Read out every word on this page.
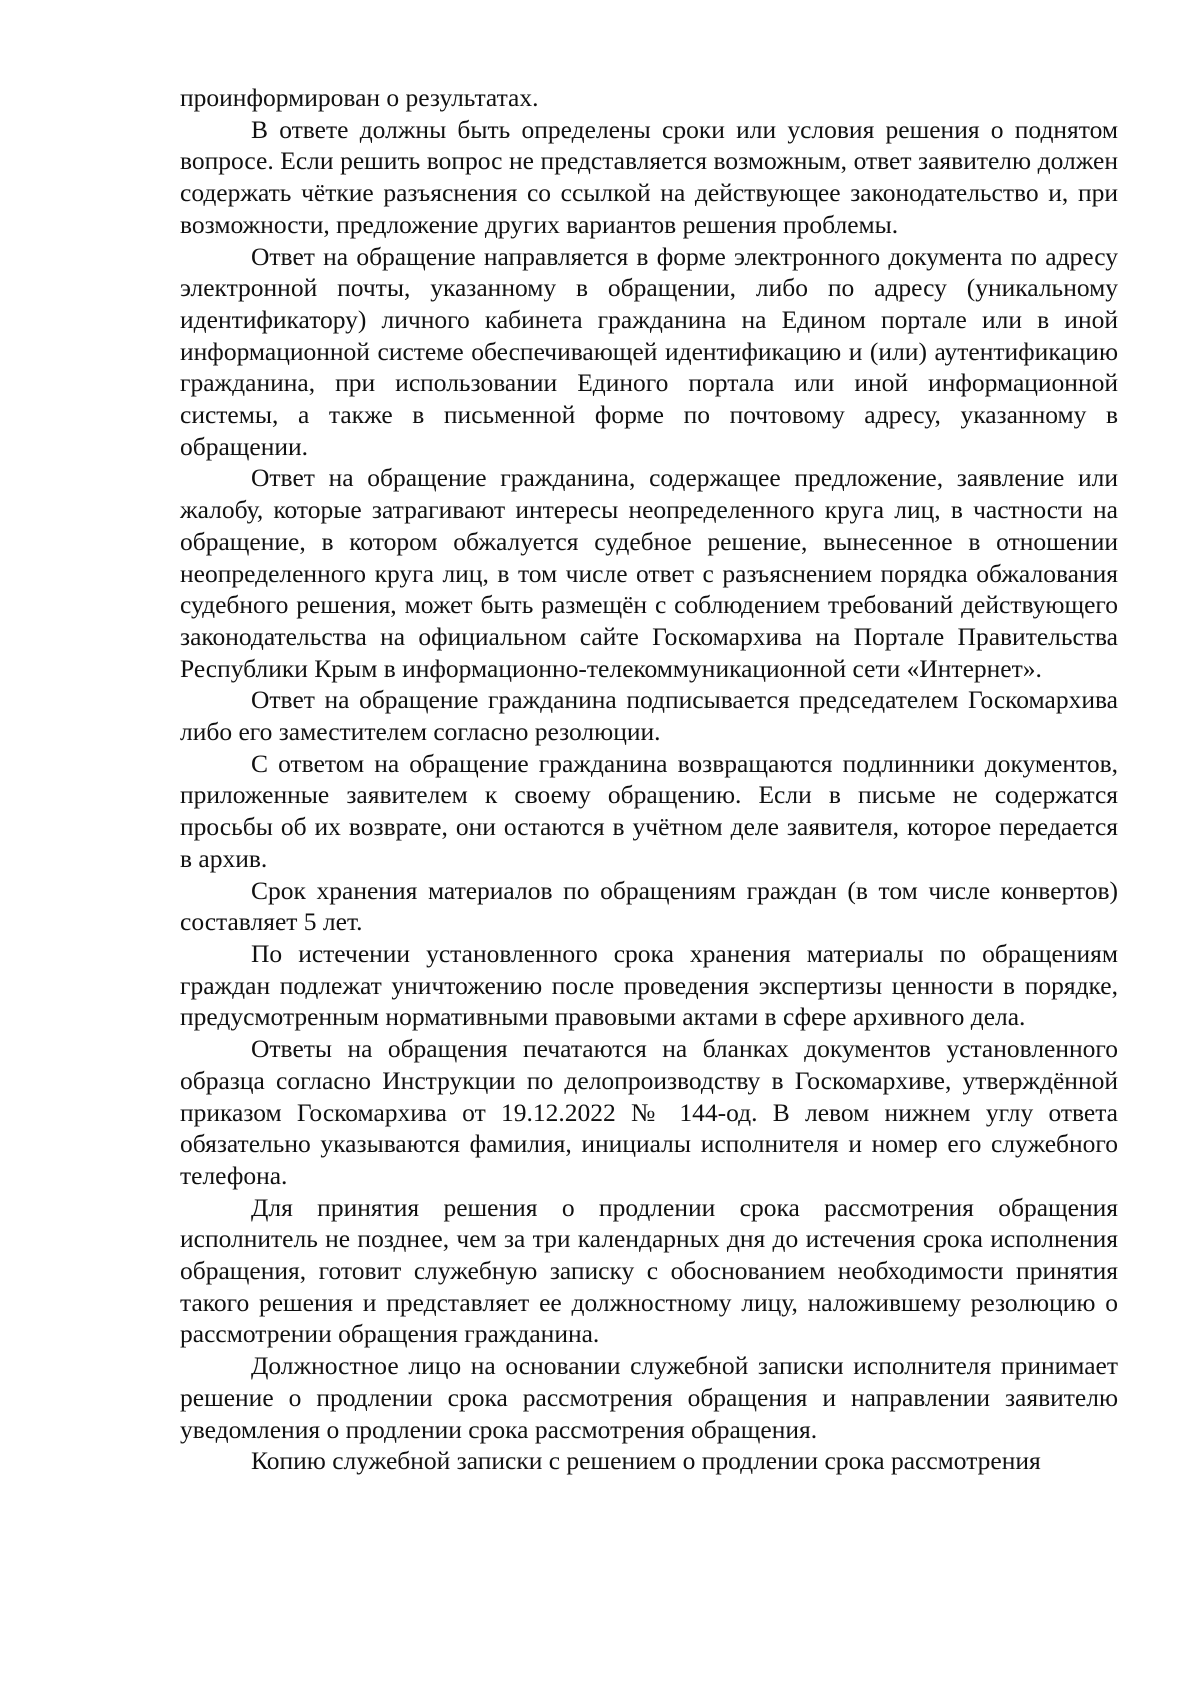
проинформирован о результатах.

В ответе должны быть определены сроки или условия решения о поднятом вопросе. Если решить вопрос не представляется возможным, ответ заявителю должен содержать чёткие разъяснения со ссылкой на действующее законодательство и, при возможности, предложение других вариантов решения проблемы.

Ответ на обращение направляется в форме электронного документа по адресу электронной почты, указанному в обращении, либо по адресу (уникальному идентификатору) личного кабинета гражданина на Едином портале или в иной информационной системе обеспечивающей идентификацию и (или) аутентификацию гражданина, при использовании Единого портала или иной информационной системы, а также в письменной форме по почтовому адресу, указанному в обращении.

Ответ на обращение гражданина, содержащее предложение, заявление или жалобу, которые затрагивают интересы неопределенного круга лиц, в частности на обращение, в котором обжалуется судебное решение, вынесенное в отношении неопределенного круга лиц, в том числе ответ с разъяснением порядка обжалования судебного решения, может быть размещён с соблюдением требований действующего законодательства на официальном сайте Госкомархива на Портале Правительства Республики Крым в информационно-телекоммуникационной сети «Интернет».

Ответ на обращение гражданина подписывается председателем Госкомархива либо его заместителем согласно резолюции.

С ответом на обращение гражданина возвращаются подлинники документов, приложенные заявителем к своему обращению. Если в письме не содержатся просьбы об их возврате, они остаются в учётном деле заявителя, которое передается в архив.

Срок хранения материалов по обращениям граждан (в том числе конвертов) составляет 5 лет.

По истечении установленного срока хранения материалы по обращениям граждан подлежат уничтожению после проведения экспертизы ценности в порядке, предусмотренным нормативными правовыми актами в сфере архивного дела.

Ответы на обращения печатаются на бланках документов установленного образца согласно Инструкции по делопроизводству в Госкомархиве, утверждённой приказом Госкомархива от 19.12.2022 № 144-од. В левом нижнем углу ответа обязательно указываются фамилия, инициалы исполнителя и номер его служебного телефона.

Для принятия решения о продлении срока рассмотрения обращения исполнитель не позднее, чем за три календарных дня до истечения срока исполнения обращения, готовит служебную записку с обоснованием необходимости принятия такого решения и представляет ее должностному лицу, наложившему резолюцию о рассмотрении обращения гражданина.

Должностное лицо на основании служебной записки исполнителя принимает решение о продлении срока рассмотрения обращения и направлении заявителю уведомления о продлении срока рассмотрения обращения.

Копию служебной записки с решением о продлении срока рассмотрения
